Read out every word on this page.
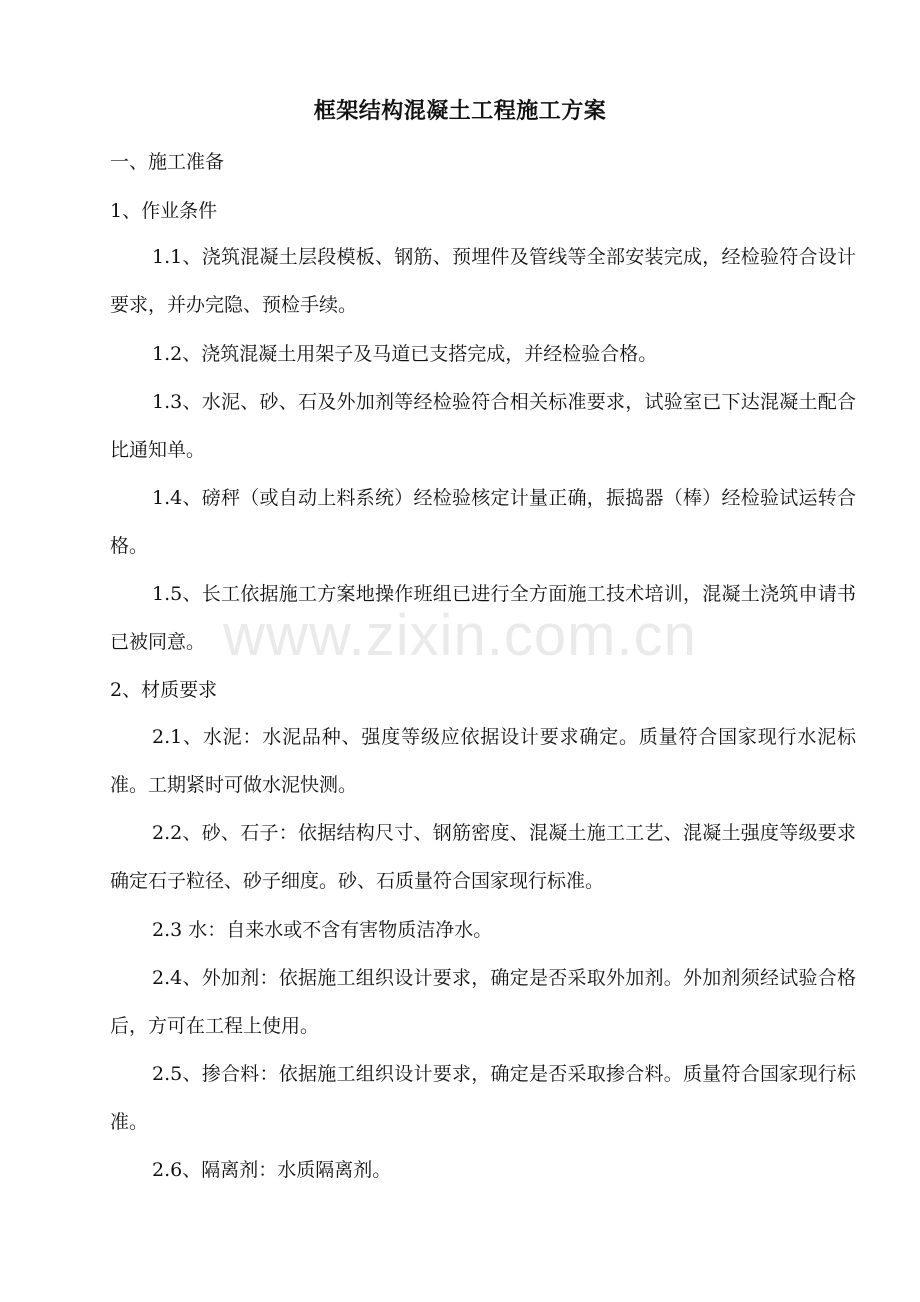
框架结构混凝土工程施工方案
一、施工准备
1、作业条件
1.1、浇筑混凝土层段模板、钢筋、预埋件及管线等全部安装完成，经检验符合设计要求，并办完隐、预检手续。
1.2、浇筑混凝土用架子及马道已支搭完成，并经检验合格。
1.3、水泥、砂、石及外加剂等经检验符合相关标准要求，试验室已下达混凝土配合比通知单。
1.4、磅秤（或自动上料系统）经检验核定计量正确，振捣器（棒）经检验试运转合格。
1.5、长工依据施工方案地操作班组已进行全方面施工技术培训，混凝土浇筑申请书已被同意。
2、材质要求
2.1、水泥：水泥品种、强度等级应依据设计要求确定。质量符合国家现行水泥标准。工期紧时可做水泥快测。
2.2、砂、石子：依据结构尺寸、钢筋密度、混凝土施工工艺、混凝土强度等级要求确定石子粒径、砂子细度。砂、石质量符合国家现行标准。
2.3 水：自来水或不含有害物质洁净水。
2.4、外加剂：依据施工组织设计要求，确定是否采取外加剂。外加剂须经试验合格后，方可在工程上使用。
2.5、掺合料：依据施工组织设计要求，确定是否采取掺合料。质量符合国家现行标准。
2.6、隔离剂：水质隔离剂。
www.zixin.com.cn
